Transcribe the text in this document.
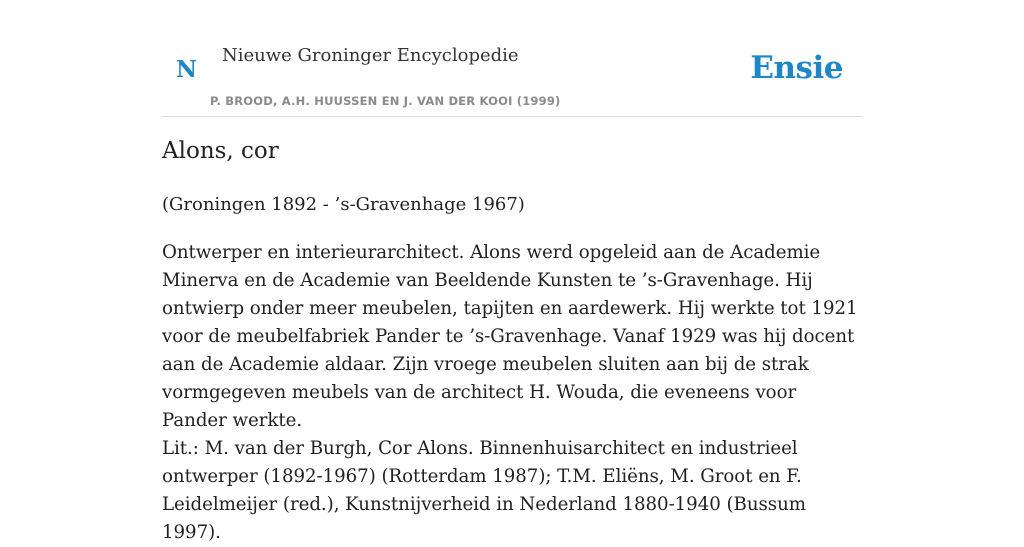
N
Nieuwe Groninger Encyclopedie
P. BROOD, A.H. HUUSSEN EN J. VAN DER KOOI (1999)
Ensie
Alons, cor

(Groningen 1892 - ’s-Gravenhage 1967)

Ontwerper en interieurarchitect. Alons werd opgeleid aan de Academie Minerva en de Academie van Beeldende Kunsten te ’s-Gravenhage. Hij ontwierp onder meer meubelen, tapijten en aardewerk. Hij werkte tot 1921 voor de meubelfabriek Pander te ’s-Gravenhage. Vanaf 1929 was hij docent aan de Academie aldaar. Zijn vroege meubelen sluiten aan bij de strak vormgegeven meubels van de architect H. Wouda, die eveneens voor Pander werkte.

Lit.: M. van der Burgh, Cor Alons. Binnenhuisarchitect en industrieel ontwerper (1892-1967) (Rotterdam 1987); T.M. Eliëns, M. Groot en F. Leidelmeijer (red.), Kunstnijverheid in Nederland 1880-1940 (Bussum 1997).
